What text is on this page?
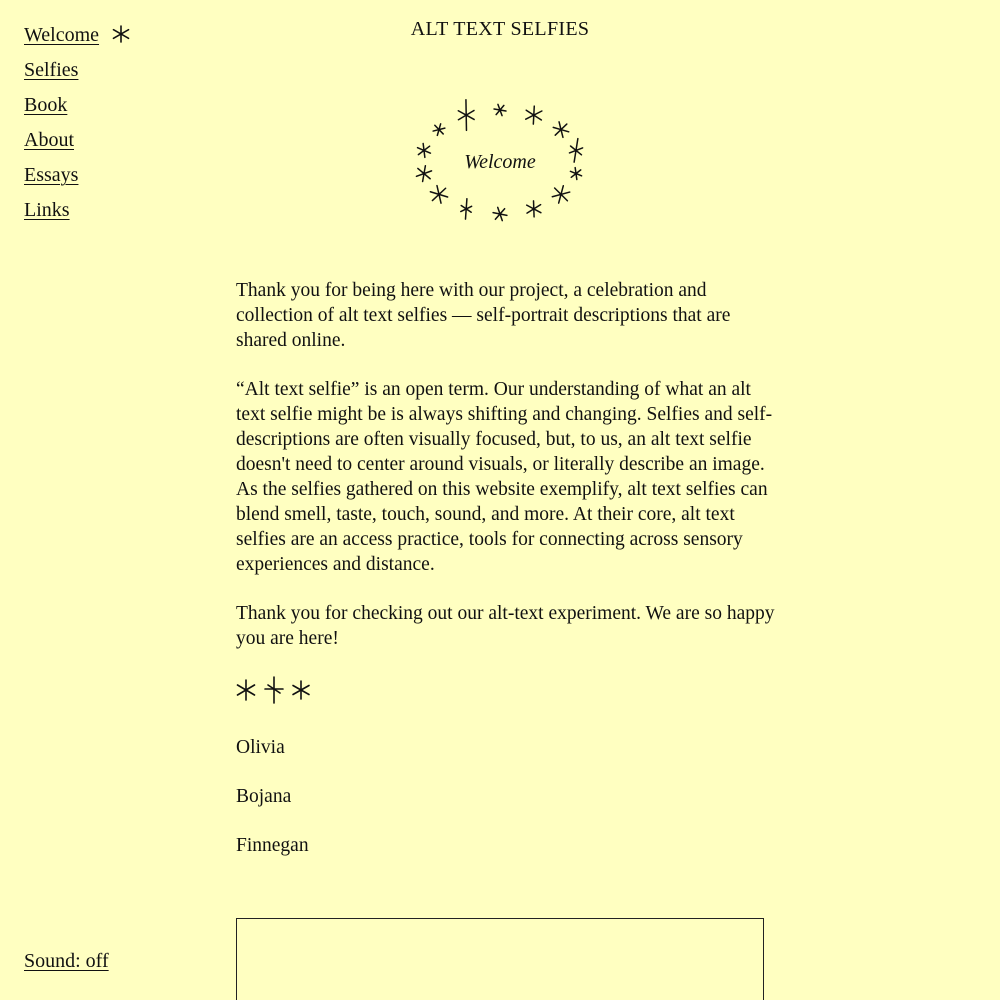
Welcome
Selfies
Book
About
Essays
Links
Sound: off
ALT TEXT SELFIES
Welcome

Thank you for being here with our project, a celebration and collection of alt text selfies — self-portrait descriptions that are shared online.

“Alt text selfie” is an open term. Our understanding of what an alt text selfie might be is always shifting and changing. Selfies and self-descriptions are often visually focused, but, to us, an alt text selfie doesn't need to center around visuals, or literally describe an image. As the selfies gathered on this website exemplify, alt text selfies can blend smell, taste, touch, sound, and more. At their core, alt text selfies are an access practice, tools for connecting across sensory experiences and distance.

Thank you for checking out our alt-text experiment. We are so happy you are here!

Olivia

Bojana

Finnegan
